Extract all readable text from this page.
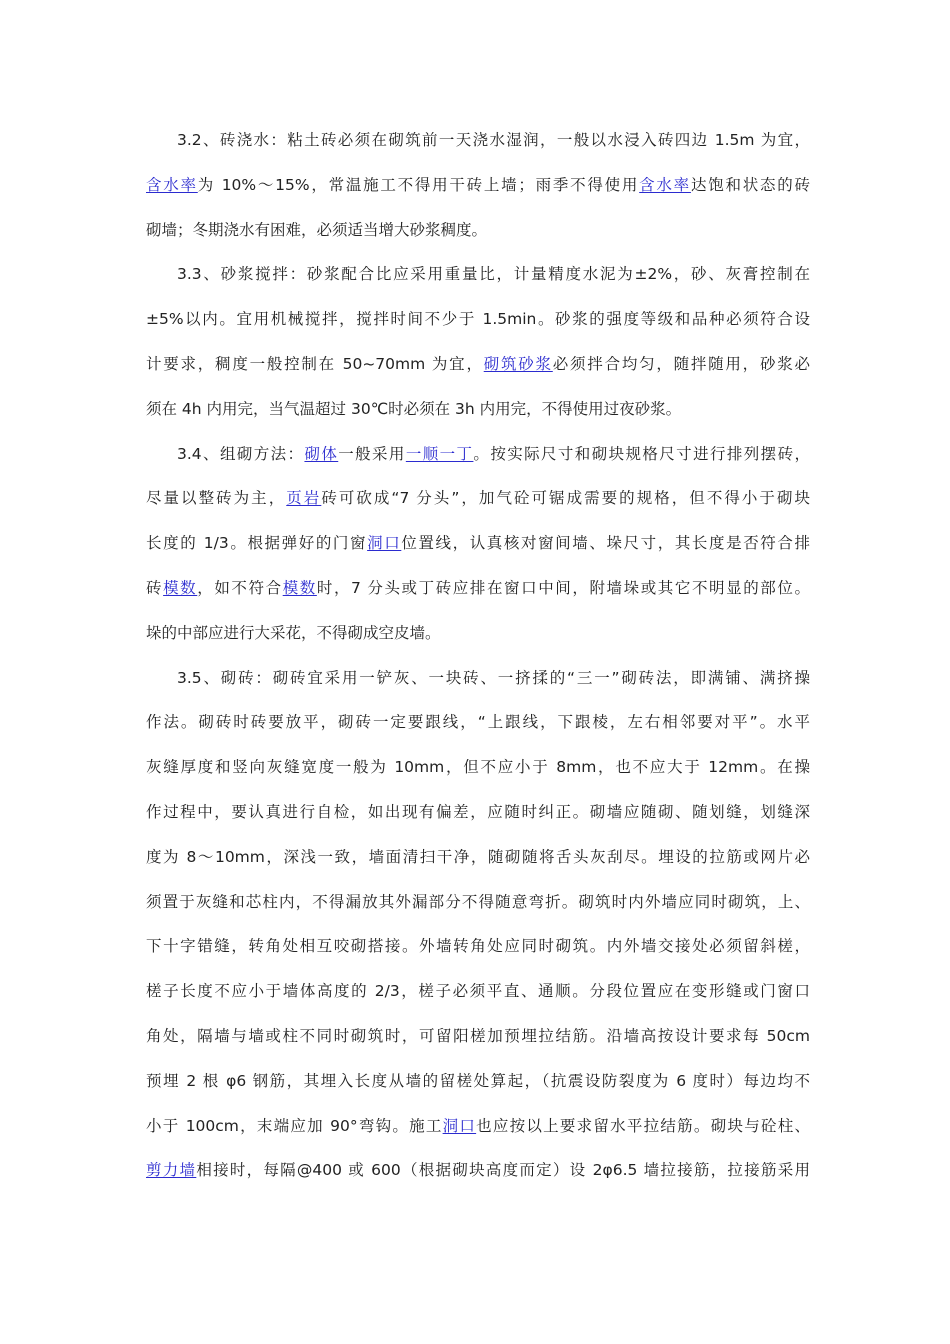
3.2、砖浇水：粘土砖必须在砌筑前一天浇水湿润，一般以水浸入砖四边 1.5m 为宜，
含水率为 10%～15%，常温施工不得用干砖上墙；雨季不得使用含水率达饱和状态的砖
砌墙；冬期浇水有困难，必须适当增大砂浆稠度。
3.3、砂浆搅拌：砂浆配合比应采用重量比，计量精度水泥为±2%，砂、灰膏控制在
±5%以内。宜用机械搅拌，搅拌时间不少于 1.5min。砂浆的强度等级和品种必须符合设
计要求，稠度一般控制在 50~70mm 为宜，砌筑砂浆必须拌合均匀，随拌随用，砂浆必
须在 4h 内用完，当气温超过 30℃时必须在 3h 内用完，不得使用过夜砂浆。
3.4、组砌方法：砌体一般采用一顺一丁。按实际尺寸和砌块规格尺寸进行排列摆砖，
尽量以整砖为主，页岩砖可砍成“7 分头”，加气砼可锯成需要的规格，但不得小于砌块
长度的 1/3。根据弹好的门窗洞口位置线，认真核对窗间墙、垛尺寸，其长度是否符合排
砖模数，如不符合模数时，7 分头或丁砖应排在窗口中间，附墙垛或其它不明显的部位。
垛的中部应进行大采花，不得砌成空皮墙。
3.5、砌砖：砌砖宜采用一铲灰、一块砖、一挤揉的“三一”砌砖法，即满铺、满挤操
作法。砌砖时砖要放平，砌砖一定要跟线，“上跟线，下跟棱，左右相邻要对平”。水平
灰缝厚度和竖向灰缝宽度一般为 10mm，但不应小于 8mm，也不应大于 12mm。在操
作过程中，要认真进行自检，如出现有偏差，应随时纠正。砌墙应随砌、随划缝，划缝深
度为 8～10mm，深浅一致，墙面清扫干净，随砌随将舌头灰刮尽。埋设的拉筋或网片必
须置于灰缝和芯柱内，不得漏放其外漏部分不得随意弯折。砌筑时内外墙应同时砌筑，上、
下十字错缝，转角处相互咬砌搭接。外墙转角处应同时砌筑。内外墙交接处必须留斜槎，
槎子长度不应小于墙体高度的 2/3，槎子必须平直、通顺。分段位置应在变形缝或门窗口
角处，隔墙与墙或柱不同时砌筑时，可留阳槎加预埋拉结筋。沿墙高按设计要求每 50cm
预埋 2 根 φ6 钢筋，其埋入长度从墙的留槎处算起，（抗震设防裂度为 6 度时）每边均不
小于 100cm，末端应加 90°弯钩。施工洞口也应按以上要求留水平拉结筋。砌块与砼柱、
剪力墙相接时，每隔@400 或 600（根据砌块高度而定）设 2φ6.5 墙拉接筋，拉接筋采用
